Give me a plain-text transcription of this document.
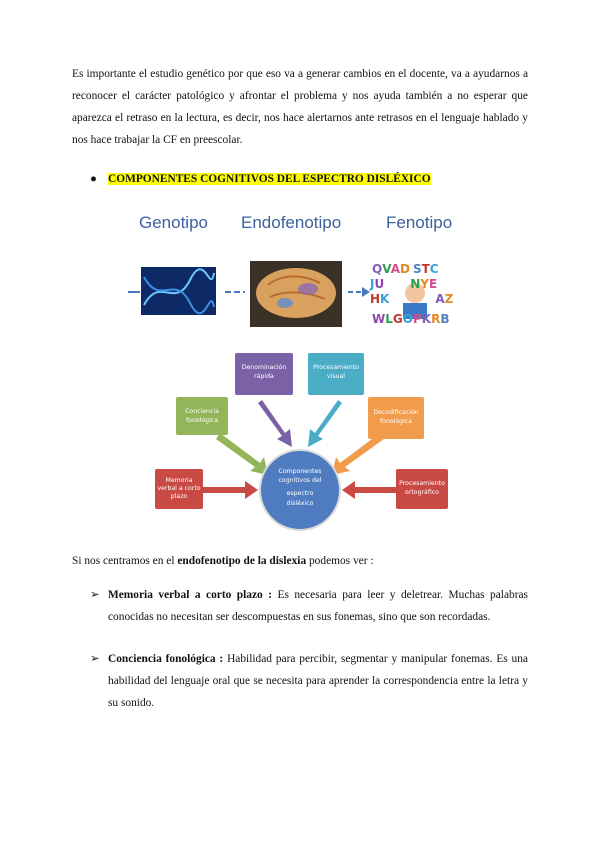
Es importante el estudio genético por que eso va a generar cambios en el docente, va a ayudarnos a reconocer el carácter patológico y afrontar el problema y nos ayuda también a no esperar que aparezca el retraso en la lectura, es decir, nos hace alertarnos ante retrasos en el lenguaje hablado y nos hace trabajar la CF en preescolar.

● COMPONENTES COGNITIVOS DEL ESPECTRO DISLÉXICO
Genotipo Endofenotipo	Fenotipo
QVAD STC
JU NYE
HK	AZ
WLGOPKRB
Componentes
cognitivos del
espectro
disléxico
Memoria
verbal a corto
plazo
Conciencia
fonológica
Denominación
rápida
Procesamiento
visual
Decodificación
fonológica
Procesamiento
ortográfico
Si nos centramos en el endofenotipo de la dislexia podemos ver :
➢ Memoria verbal a corto plazo : Es necesaria para leer y deletrear. Muchas palabras conocidas no necesitan ser descompuestas en sus fonemas, sino que son recordadas.
➢ Conciencia fonológica : Habilidad para percibir, segmentar y manipular fonemas. Es una habilidad del lenguaje oral que se necesita para aprender la correspondencia entre la letra y su sonido.
